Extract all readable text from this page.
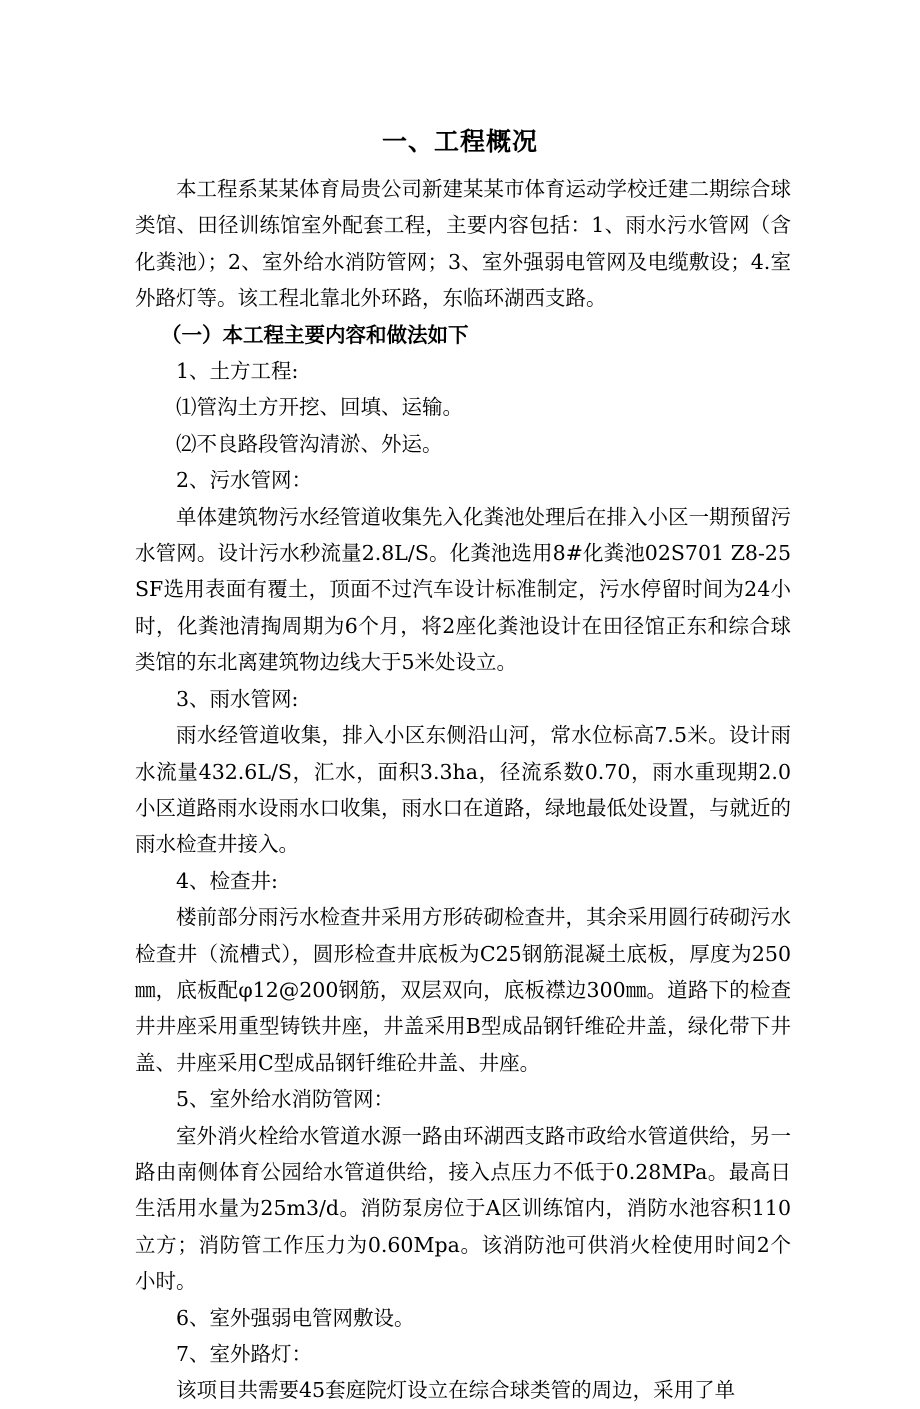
一、工程概况

本工程系某某体育局贵公司新建某某市体育运动学校迁建二期综合球类馆、田径训练馆室外配套工程，主要内容包括：1、雨水污水管网（含化粪池）；2、室外给水消防管网；3、室外强弱电管网及电缆敷设；4.室外路灯等。该工程北靠北外环路，东临环湖西支路。

（一）本工程主要内容和做法如下

1、土方工程:

⑴管沟土方开挖、回填、运输。

⑵不良路段管沟清淤、外运。

2、污水管网：

单体建筑物污水经管道收集先入化粪池处理后在排入小区一期预留污水管网。设计污水秒流量2.8L/S。化粪池选用8#化粪池02S701 Z8-25SF选用表面有覆土，顶面不过汽车设计标准制定，污水停留时间为24小时，化粪池清掏周期为6个月，将2座化粪池设计在田径馆正东和综合球类馆的东北离建筑物边线大于5米处设立。

3、雨水管网:

雨水经管道收集，排入小区东侧沿山河，常水位标高7.5米。设计雨水流量432.6L/S，汇水，面积3.3ha，径流系数0.70，雨水重现期2.0小区道路雨水设雨水口收集，雨水口在道路，绿地最低处设置，与就近的雨水检查井接入。

4、检查井:

楼前部分雨污水检查井采用方形砖砌检查井，其余采用圆行砖砌污水检查井（流槽式），圆形检查井底板为C25钢筋混凝土底板，厚度为250㎜，底板配φ12@200钢筋，双层双向，底板襟边300㎜。道路下的检查井井座采用重型铸铁井座，井盖采用B型成品钢钎维砼井盖，绿化带下井盖、井座采用C型成品钢钎维砼井盖、井座。

5、室外给水消防管网：

室外消火栓给水管道水源一路由环湖西支路市政给水管道供给，另一路由南侧体育公园给水管道供给，接入点压力不低于0.28MPa。最高日生活用水量为25m3/d。消防泵房位于A区训练馆内，消防水池容积110立方；消防管工作压力为0.60Mpa。该消防池可供消火栓使用时间2个小时。

6、室外强弱电管网敷设。

7、室外路灯：

该项目共需要45套庭院灯设立在综合球类管的周边，采用了单
